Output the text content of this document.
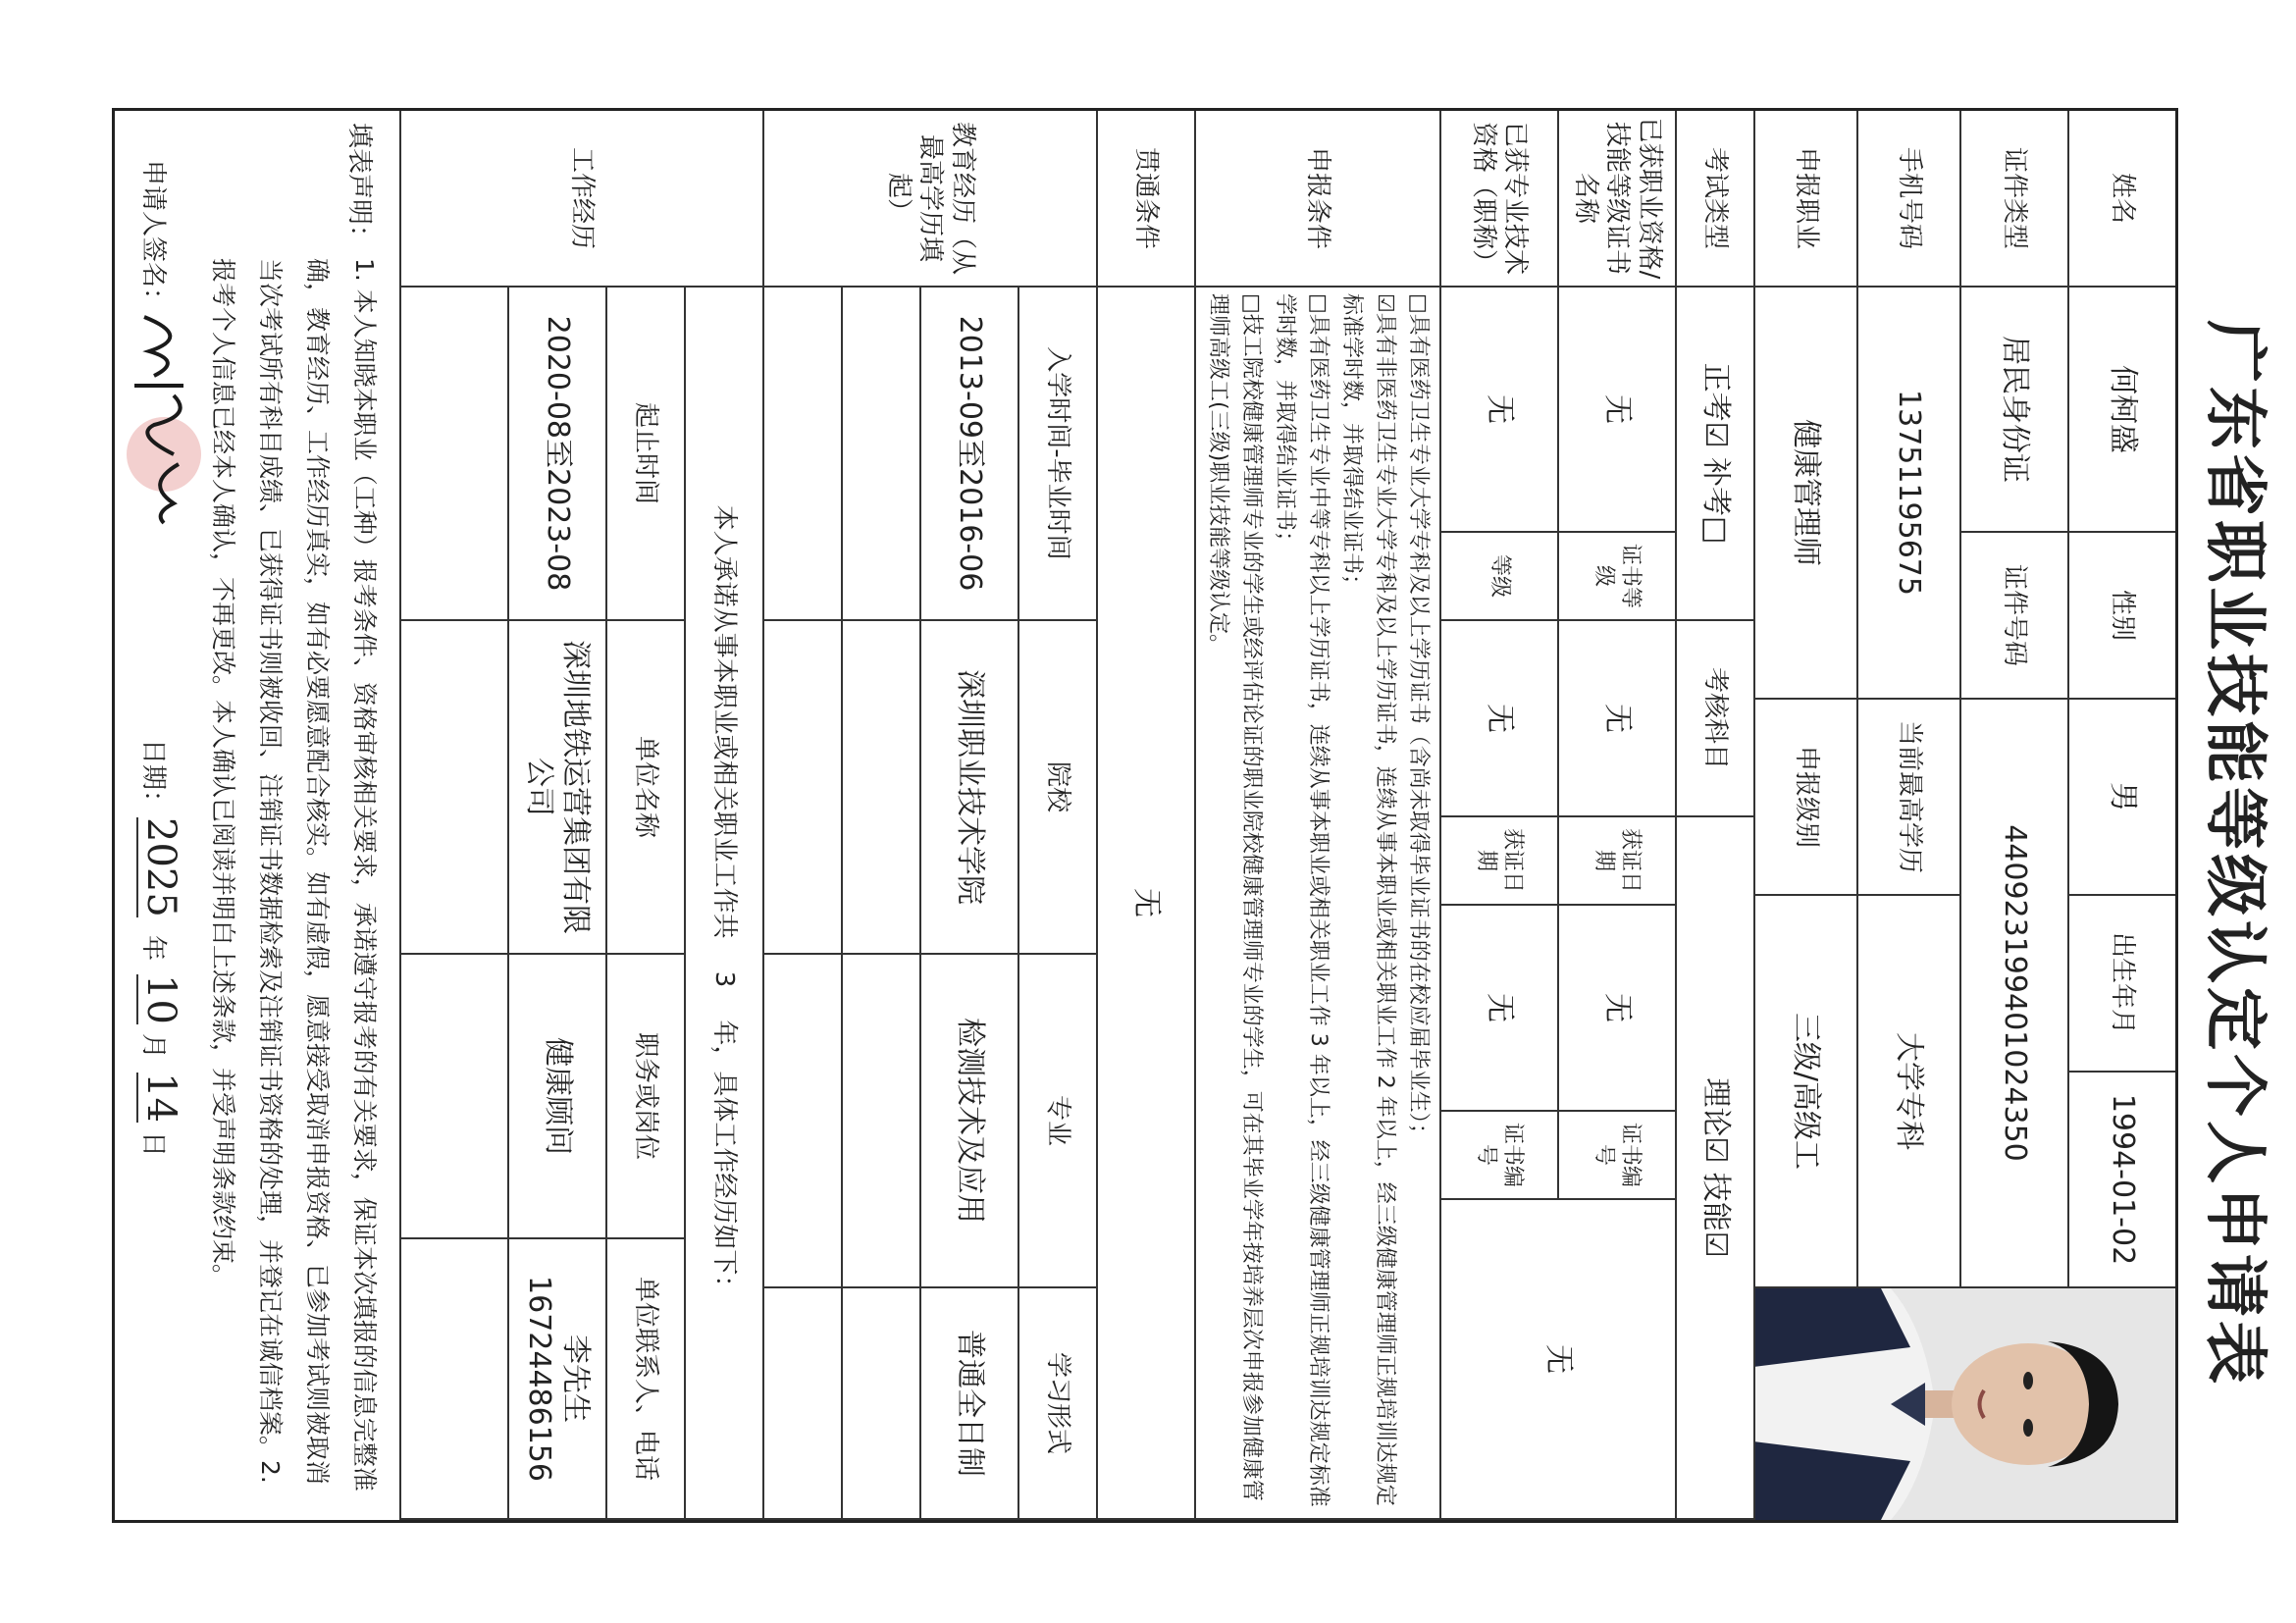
广东省职业技能等级认定个人申请表
姓名
何柯盛
性别
男
出生年月
1994-01-02
证件类型
居民身份证
证件号码
440923199401024350
手机号码
13751195675
当前最高学历
大学专科
申报职业
健康管理师
申报级别
三级/高级工
考试类型
正考☑ 补考□
考核科目
理论☑ 技能☑
已获职业资格/技能等级证书名称
无
证书等级
无
获证日期
无
证书编号
无
已获专业技术资格（职称）
无
等级
无
获证日期
无
证书编号
申报条件
□具有医药卫生专业大学专科及以上学历证书（含尚未取得毕业证书的在校应届毕业生）；
☑具有非医药卫生专业大学专科及以上学历证书，连续从事本职业或相关职业工作 2 年以上，经三级健康管理师正规培训达规定标准学时数，并取得结业证书；
□具有医药卫生专业中等专科以上学历证书，连续从事本职业或相关职业工作 3 年以上，经三级健康管理师正规培训达规定标准学时数，并取得结业证书；
□技工院校健康管理师专业的学生或经评估论证的职业院校健康管理师专业的学生，可在其毕业学年按培养层次申报参加健康管理师高级工(三级)职业技能等级认定。
贯通条件
无
教育经历（从最高学历填起）
入学时间-毕业时间
院校
专业
学习形式
2013-09至2016-06
深圳职业技术学院
检测技术及应用
普通全日制
工作经历
本人承诺从事本职业或相关职业工作共    3    年，具体工作经历如下：
起止时间
单位名称
职务或岗位
单位联系人、电话
2020-08至2023-08
深圳地铁运营集团有限公司
健康顾问
李先生 16724486156
填表声明：
1. 本人知晓本职业（工种）报考条件、资格审核相关要求，承诺遵守报考的有关要求，保证本次填报的信息完整准确，教育经历、工作经历真实，如有必要愿意配合核实。如有虚假，愿意接受取消申报资格、已参加考试则被取消当次考试所有科目成绩、已获得证书则被收回、注销证书数据检索及注销证书资格的处理，并登记在诚信档案。2. 报考个人信息已经本人确认，不再更改。本人确认已阅读并明白上述条款，并受声明条款约束。
申请人签名：
日期：
2025
年
10
月
14
日
